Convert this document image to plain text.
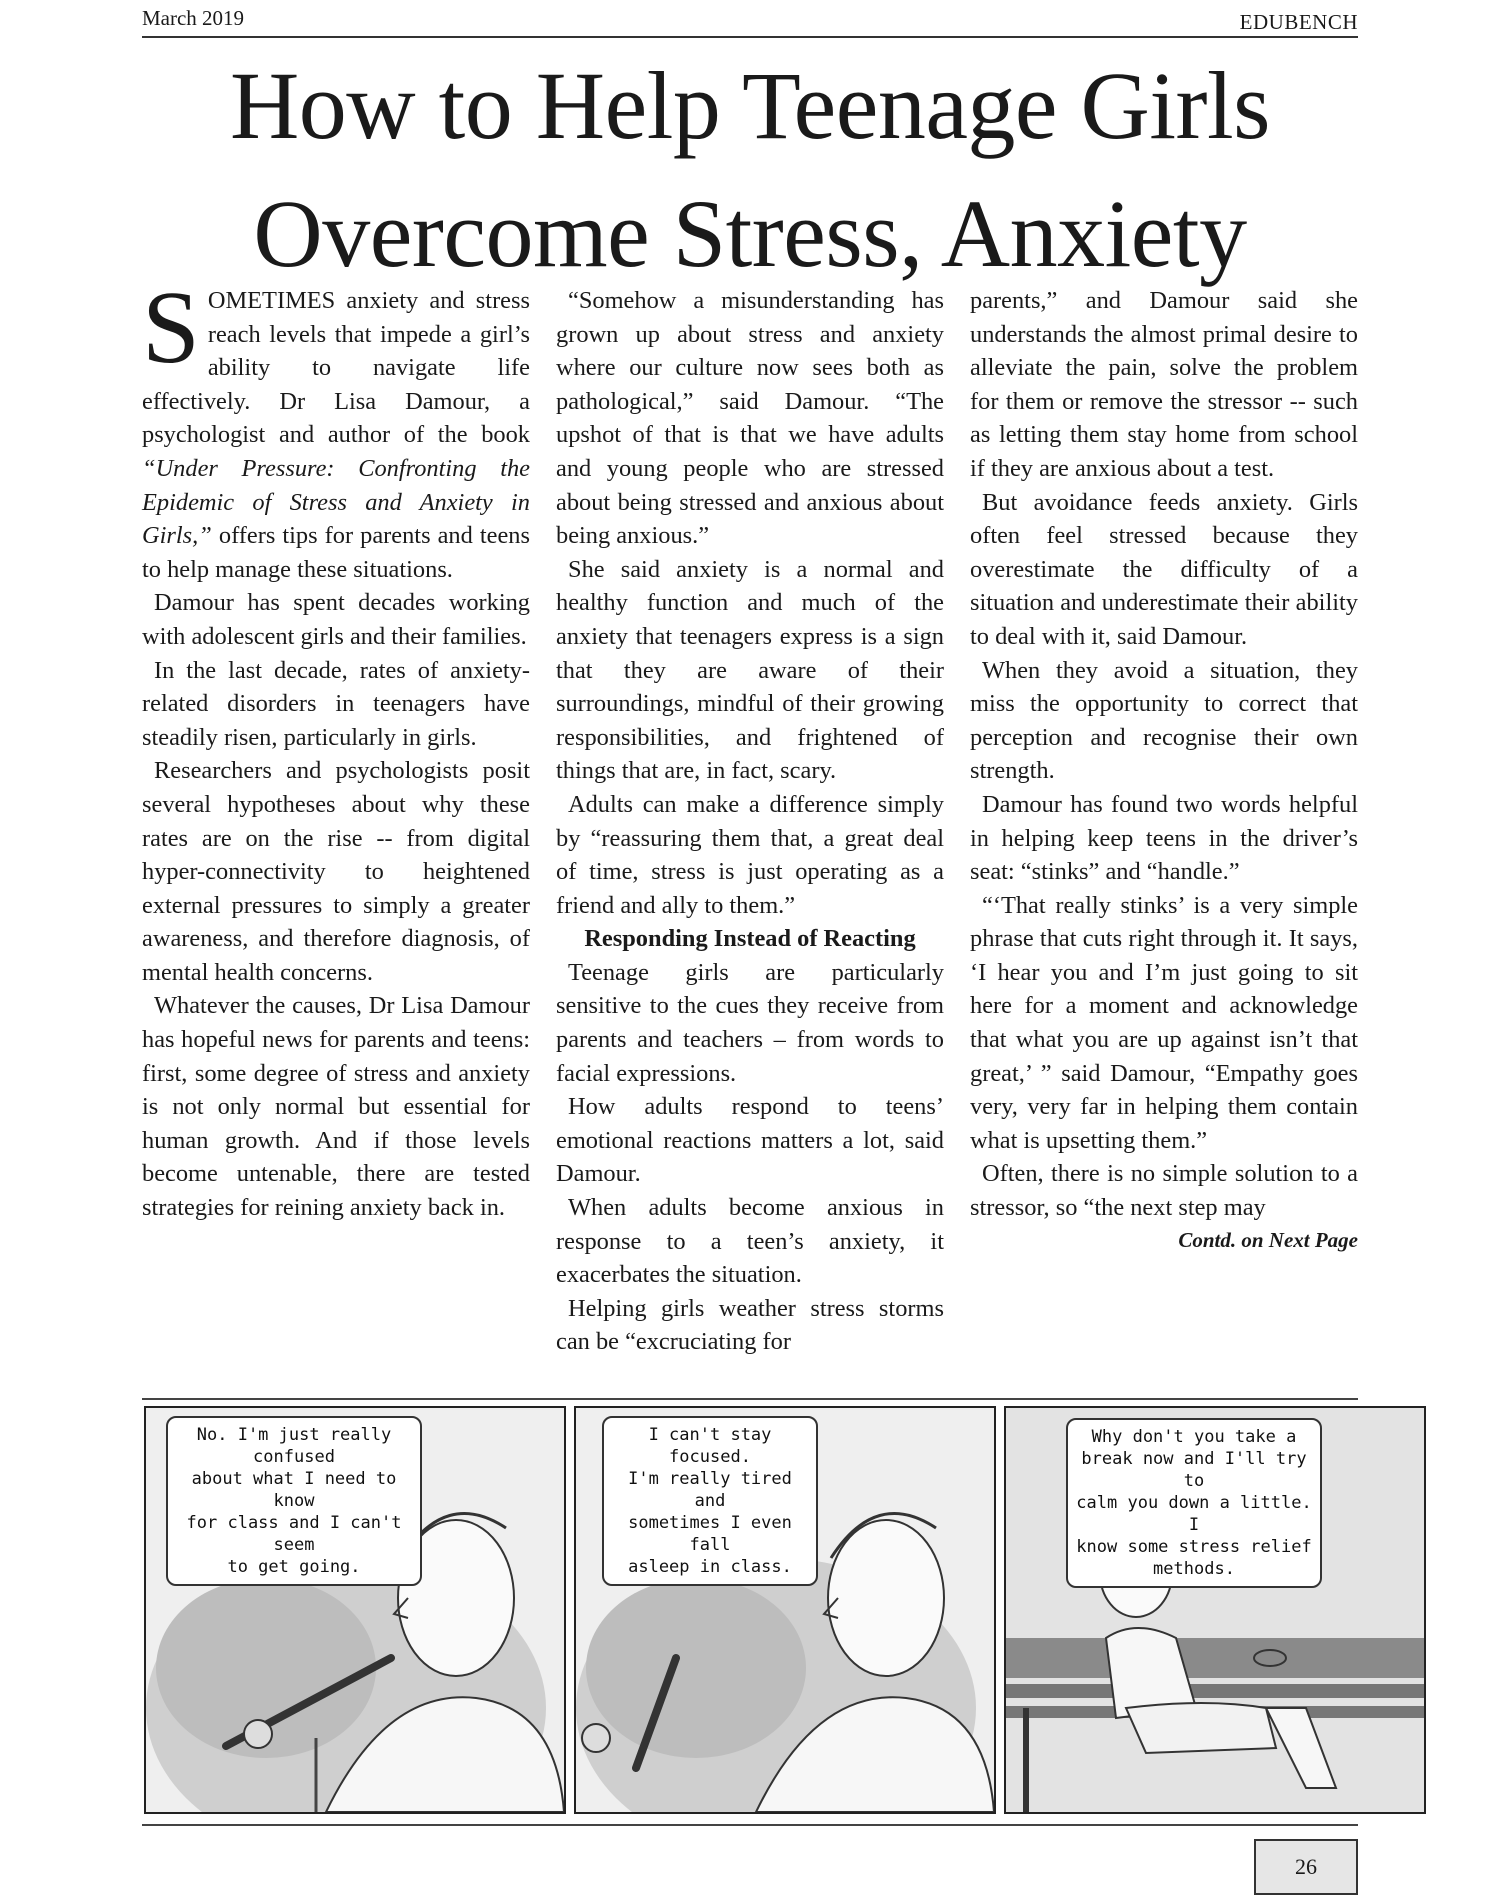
March 2019	EDUBENCH
How to Help Teenage Girls
Overcome Stress, Anxiety

SOMETIMES anxiety and stress reach levels that impede a girl’s ability to navigate life effectively. Dr Lisa Damour, a psychologist and author of the book “Under Pressure: Confronting the Epidemic of Stress and Anxiety in Girls,” offers tips for parents and teens to help manage these situations.

Damour has spent decades working with adolescent girls and their families.

In the last decade, rates of anxiety-related disorders in teenagers have steadily risen, particularly in girls.

Researchers and psychologists posit several hypotheses about why these rates are on the rise -- from digital hyper-connectivity to heightened external pressures to simply a greater awareness, and therefore diagnosis, of mental health concerns.

Whatever the causes, Dr Lisa Damour has hopeful news for parents and teens: first, some degree of stress and anxiety is not only normal but essential for human growth. And if those levels become untenable, there are tested strategies for reining anxiety back in.

“Somehow a misunderstanding has grown up about stress and anxiety where our culture now sees both as pathological,” said Damour. “The upshot of that is that we have adults and young people who are stressed about being stressed and anxious about being anxious.”

She said anxiety is a normal and healthy function and much of the anxiety that teenagers express is a sign that they are aware of their surroundings, mindful of their growing responsibilities, and frightened of things that are, in fact, scary.

Adults can make a difference simply by “reassuring them that, a great deal of time, stress is just operating as a friend and ally to them.”

Responding Instead of Reacting

Teenage girls are particularly sensitive to the cues they receive from parents and teachers – from words to facial expressions.

How adults respond to teens’ emotional reactions matters a lot, said Damour.

When adults become anxious in response to a teen’s anxiety, it exacerbates the situation.

Helping girls weather stress storms can be “excruciating for

parents,” and Damour said she understands the almost primal desire to alleviate the pain, solve the problem for them or remove the stressor -- such as letting them stay home from school if they are anxious about a test.

But avoidance feeds anxiety. Girls often feel stressed because they overestimate the difficulty of a situation and underestimate their ability to deal with it, said Damour.

When they avoid a situation, they miss the opportunity to correct that perception and recognise their own strength.

Damour has found two words helpful in helping keep teens in the driver’s seat: “stinks” and “handle.”

“‘That really stinks’ is a very simple phrase that cuts right through it. It says, ‘I hear you and I’m just going to sit here for a moment and acknowledge that what you are up against isn’t that great,’ ” said Damour, “Empathy goes very, very far in helping them contain what is upsetting them.”

Often, there is no simple solution to a stressor, so “the next step may

Contd. on Next Page

No. I'm just really confused
about what I need to know
for class and I can't seem
to get going.
I can't stay focused.
I'm really tired and
sometimes I even fall
asleep in class.
Why don't you take a
break now and I'll try to
calm you down a little. I
know some stress relief
methods.
26
